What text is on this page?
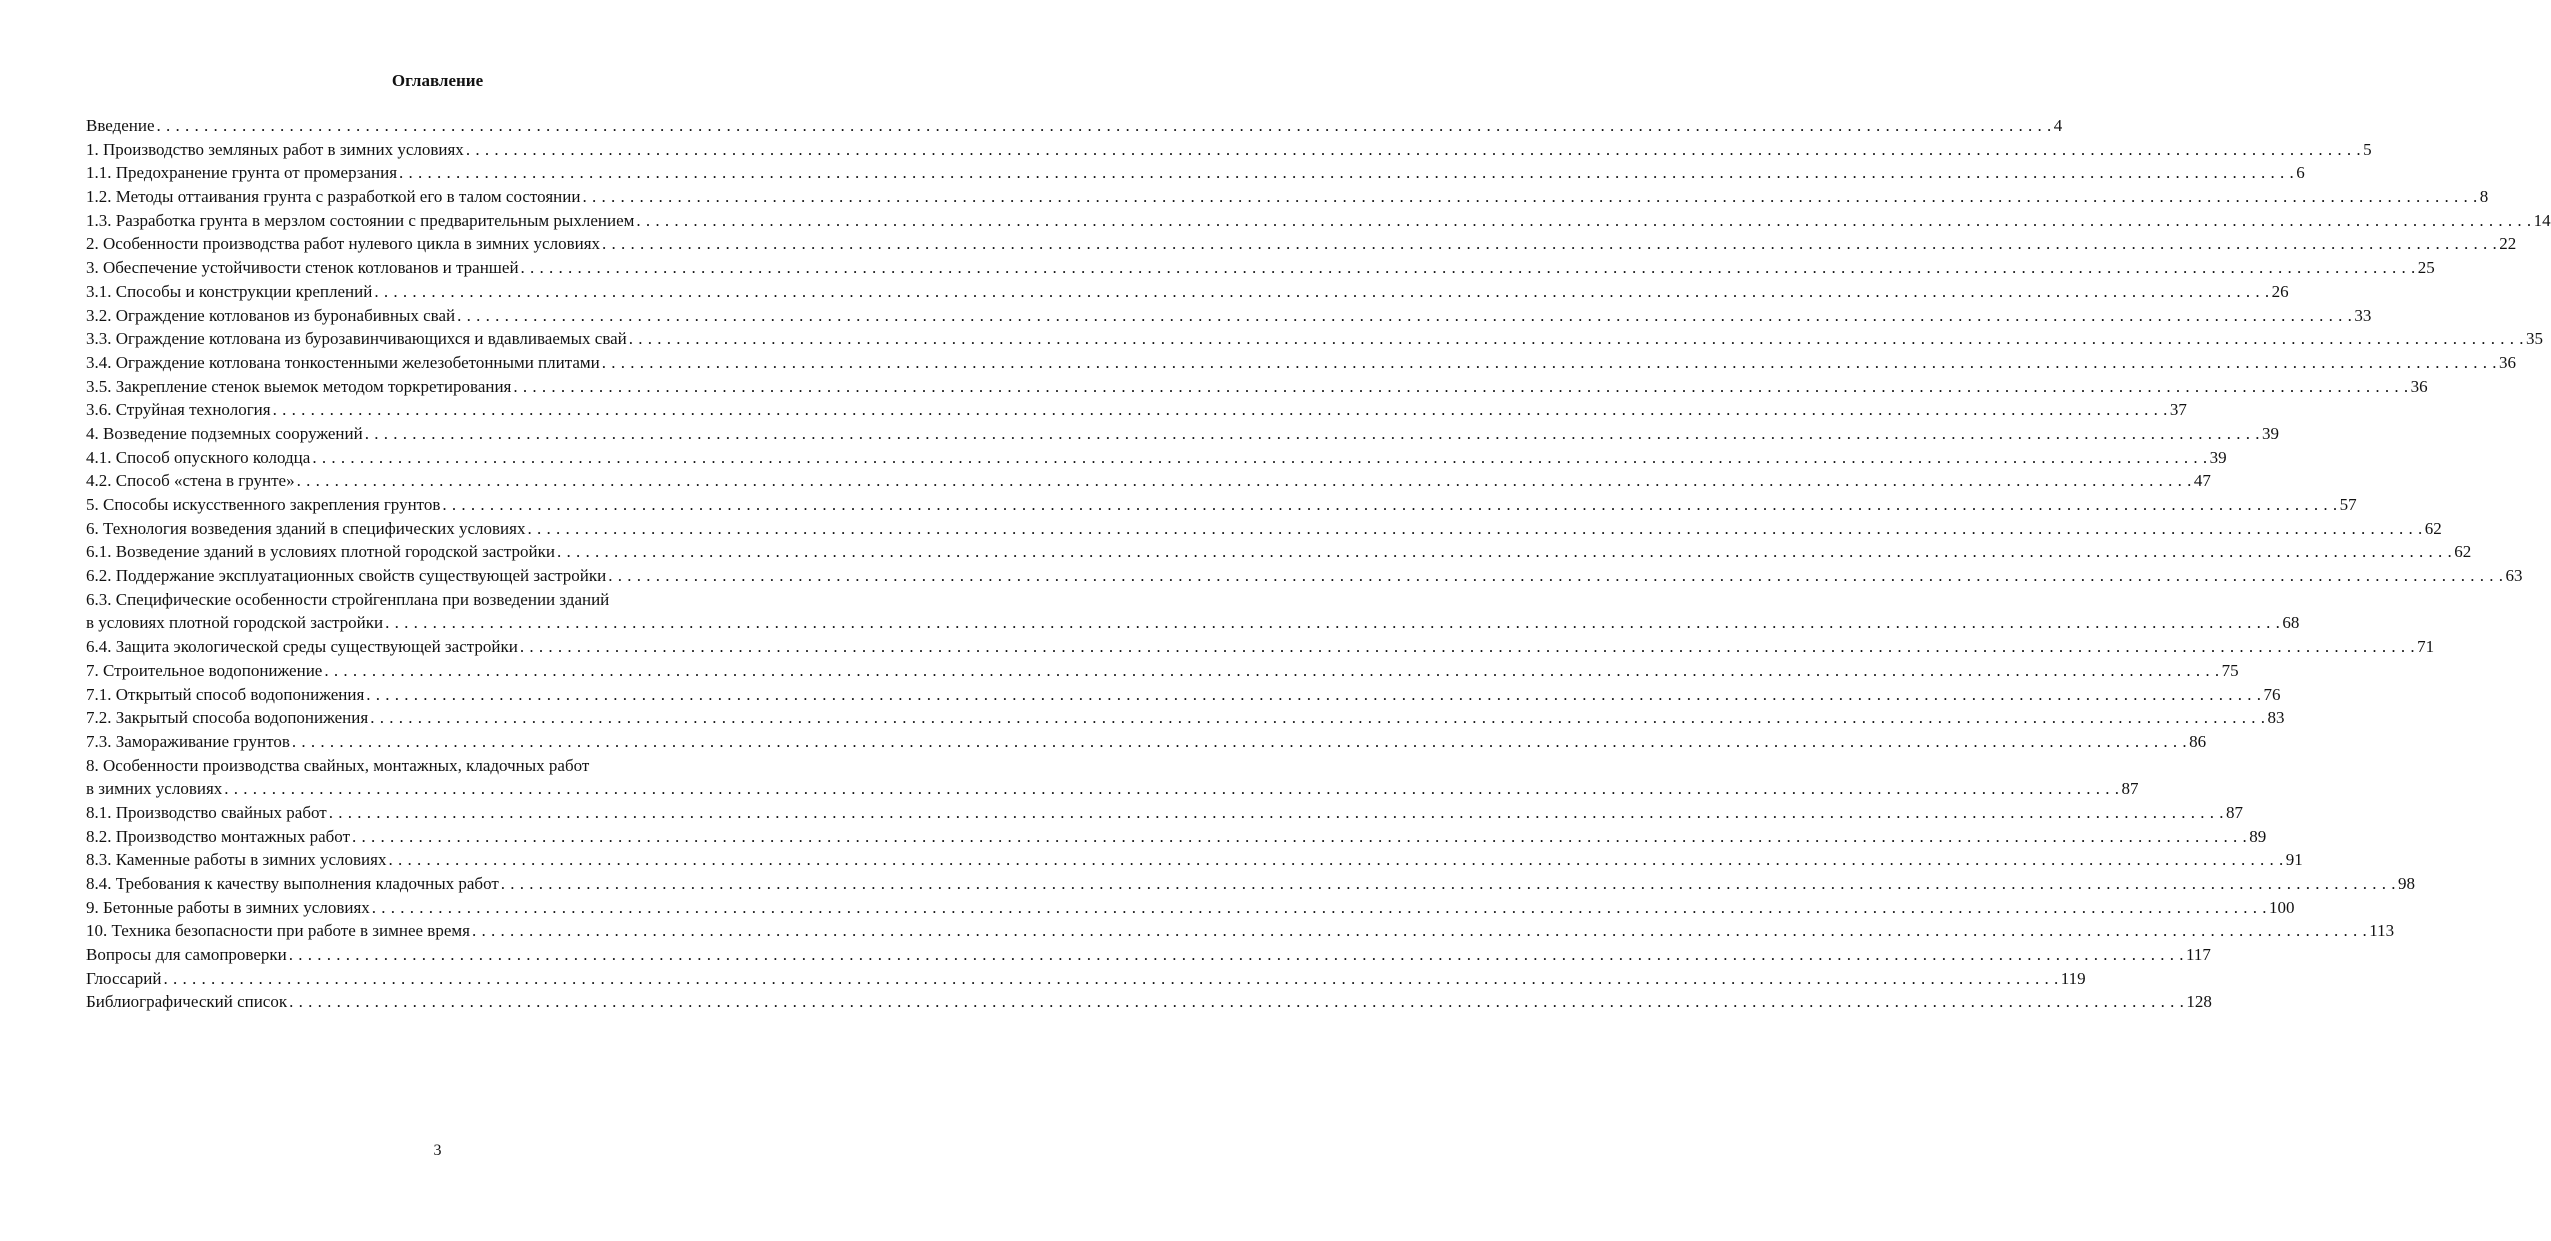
Оглавление
Введение . . . . . . . . . . . . . . . . . . . . . . . . . . . . . . . . . . . . . . . . . . . . . . . . . . . . . . . . . . . . . . . . . . . . . . . . . . . . . . . . . . . . . . . . . . . . . . . . . . . . . . . . . . . . . . . . . . . . . . . . . . . . . . . . . . . . . . . . . . . . . . . . . . . . . . . . . . . . . . . . . . . . . . . . . . . . . . . . . . . . . . . . . . . . . . . . . . . . . . . . 4
1. Производство земляных работ в зимних условиях . . . . . . . . . . . . . . . . . . . . . . . . . . . . . . . . . . . . . . . . . . . . . . . . . . . . . . . . . . . . . . . . . . . . . . . . . . . . . . . . . . . . . . . . . . . . . . . . . . . . . . . . . . . . . . . . . . . . . . . . . . . . . . . . . . . . . . . . . . . . . . . . . . . . . . . . . . . . . . . . . . . . . . . . . . . . . . . . . . . . . . . . . . . . . . . . . . . . . . . . 5
1.1. Предохранение грунта от промерзания . . . . . . . . . . . . . . . . . . . . . . . . . . . . . . . . . . . . . . . . . . . . . . . . . . . . . . . . . . . . . . . . . . . . . . . . . . . . . . . . . . . . . . . . . . . . . . . . . . . . . . . . . . . . . . . . . . . . . . . . . . . . . . . . . . . . . . . . . . . . . . . . . . . . . . . . . . . . . . . . . . . . . . . . . . . . . . . . . . . . . . . . . . . . . . . . . . . . . . . . 6
1.2. Методы оттаивания грунта с разработкой его в талом состоянии . . . . . . . . . . . . . . . . . . . . . . . . . . . . . . . . . . . . . . . . . . . . . . . . . . . . . . . . . . . . . . . . . . . . . . . . . . . . . . . . . . . . . . . . . . . . . . . . . . . . . . . . . . . . . . . . . . . . . . . . . . . . . . . . . . . . . . . . . . . . . . . . . . . . . . . . . . . . . . . . . . . . . . . . . . . . . . . . . . . . . . . . . . . . . . . . . . . . . . . . 8
1.3. Разработка грунта в мерзлом состоянии с предварительным рыхлением . . . . . . . . . . . . . . . . . . . . . . . . . . . . . . . . . . . . . . . . . . . . . . . . . . . . . . . . . . . . . . . . . . . . . . . . . . . . . . . . . . . . . . . . . . . . . . . . . . . . . . . . . . . . . . . . . . . . . . . . . . . . . . . . . . . . . . . . . . . . . . . . . . . . . . . . . . . . . . . . . . . . . . . . . . . . . . . . . . . . . . . . . . . . . . . . . . . . . . . . 14
2. Особенности производства работ нулевого цикла в зимних условиях . . . . . . . . . . . . . . . . . . . . . . . . . . . . . . . . . . . . . . . . . . . . . . . . . . . . . . . . . . . . . . . . . . . . . . . . . . . . . . . . . . . . . . . . . . . . . . . . . . . . . . . . . . . . . . . . . . . . . . . . . . . . . . . . . . . . . . . . . . . . . . . . . . . . . . . . . . . . . . . . . . . . . . . . . . . . . . . . . . . . . . . . . . . . . . . . . . . . . . . . 22
3. Обеспечение устойчивости стенок котлованов и траншей . . . . . . . . . . . . . . . . . . . . . . . . . . . . . . . . . . . . . . . . . . . . . . . . . . . . . . . . . . . . . . . . . . . . . . . . . . . . . . . . . . . . . . . . . . . . . . . . . . . . . . . . . . . . . . . . . . . . . . . . . . . . . . . . . . . . . . . . . . . . . . . . . . . . . . . . . . . . . . . . . . . . . . . . . . . . . . . . . . . . . . . . . . . . . . . . . . . . . . . . 25
3.1. Способы и конструкции креплений . . . . . . . . . . . . . . . . . . . . . . . . . . . . . . . . . . . . . . . . . . . . . . . . . . . . . . . . . . . . . . . . . . . . . . . . . . . . . . . . . . . . . . . . . . . . . . . . . . . . . . . . . . . . . . . . . . . . . . . . . . . . . . . . . . . . . . . . . . . . . . . . . . . . . . . . . . . . . . . . . . . . . . . . . . . . . . . . . . . . . . . . . . . . . . . . . . . . . . . . 26
3.2. Ограждение котлованов из буронабивных свай . . . . . . . . . . . . . . . . . . . . . . . . . . . . . . . . . . . . . . . . . . . . . . . . . . . . . . . . . . . . . . . . . . . . . . . . . . . . . . . . . . . . . . . . . . . . . . . . . . . . . . . . . . . . . . . . . . . . . . . . . . . . . . . . . . . . . . . . . . . . . . . . . . . . . . . . . . . . . . . . . . . . . . . . . . . . . . . . . . . . . . . . . . . . . . . . . . . . . . . . 33
3.3. Ограждение котлована из бурозавинчивающихся и вдавливаемых свай . . . . . . . . . . . . . . . . . . . . . . . . . . . . . . . . . . . . . . . . . . . . . . . . . . . . . . . . . . . . . . . . . . . . . . . . . . . . . . . . . . . . . . . . . . . . . . . . . . . . . . . . . . . . . . . . . . . . . . . . . . . . . . . . . . . . . . . . . . . . . . . . . . . . . . . . . . . . . . . . . . . . . . . . . . . . . . . . . . . . . . . . . . . . . . . . . . . . . . . . 35
3.4. Ограждение котлована тонкостенными железобетонными плитами . . . . . . . . . . . . . . . . . . . . . . . . . . . . . . . . . . . . . . . . . . . . . . . . . . . . . . . . . . . . . . . . . . . . . . . . . . . . . . . . . . . . . . . . . . . . . . . . . . . . . . . . . . . . . . . . . . . . . . . . . . . . . . . . . . . . . . . . . . . . . . . . . . . . . . . . . . . . . . . . . . . . . . . . . . . . . . . . . . . . . . . . . . . . . . . . . . . . . . . . 36
3.5. Закрепление стенок выемок методом торкретирования . . . . . . . . . . . . . . . . . . . . . . . . . . . . . . . . . . . . . . . . . . . . . . . . . . . . . . . . . . . . . . . . . . . . . . . . . . . . . . . . . . . . . . . . . . . . . . . . . . . . . . . . . . . . . . . . . . . . . . . . . . . . . . . . . . . . . . . . . . . . . . . . . . . . . . . . . . . . . . . . . . . . . . . . . . . . . . . . . . . . . . . . . . . . . . . . . . . . . . . . 36
3.6. Струйная технология . . . . . . . . . . . . . . . . . . . . . . . . . . . . . . . . . . . . . . . . . . . . . . . . . . . . . . . . . . . . . . . . . . . . . . . . . . . . . . . . . . . . . . . . . . . . . . . . . . . . . . . . . . . . . . . . . . . . . . . . . . . . . . . . . . . . . . . . . . . . . . . . . . . . . . . . . . . . . . . . . . . . . . . . . . . . . . . . . . . . . . . . . . . . . . . . . . . . . . . . 37
4. Возведение подземных сооружений . . . . . . . . . . . . . . . . . . . . . . . . . . . . . . . . . . . . . . . . . . . . . . . . . . . . . . . . . . . . . . . . . . . . . . . . . . . . . . . . . . . . . . . . . . . . . . . . . . . . . . . . . . . . . . . . . . . . . . . . . . . . . . . . . . . . . . . . . . . . . . . . . . . . . . . . . . . . . . . . . . . . . . . . . . . . . . . . . . . . . . . . . . . . . . . . . . . . . . . . 39
4.1. Способ опускного колодца . . . . . . . . . . . . . . . . . . . . . . . . . . . . . . . . . . . . . . . . . . . . . . . . . . . . . . . . . . . . . . . . . . . . . . . . . . . . . . . . . . . . . . . . . . . . . . . . . . . . . . . . . . . . . . . . . . . . . . . . . . . . . . . . . . . . . . . . . . . . . . . . . . . . . . . . . . . . . . . . . . . . . . . . . . . . . . . . . . . . . . . . . . . . . . . . . . . . . . . . 39
4.2. Способ «стена в грунте» . . . . . . . . . . . . . . . . . . . . . . . . . . . . . . . . . . . . . . . . . . . . . . . . . . . . . . . . . . . . . . . . . . . . . . . . . . . . . . . . . . . . . . . . . . . . . . . . . . . . . . . . . . . . . . . . . . . . . . . . . . . . . . . . . . . . . . . . . . . . . . . . . . . . . . . . . . . . . . . . . . . . . . . . . . . . . . . . . . . . . . . . . . . . . . . . . . . . . . . . 47
5. Способы искусственного закрепления грунтов . . . . . . . . . . . . . . . . . . . . . . . . . . . . . . . . . . . . . . . . . . . . . . . . . . . . . . . . . . . . . . . . . . . . . . . . . . . . . . . . . . . . . . . . . . . . . . . . . . . . . . . . . . . . . . . . . . . . . . . . . . . . . . . . . . . . . . . . . . . . . . . . . . . . . . . . . . . . . . . . . . . . . . . . . . . . . . . . . . . . . . . . . . . . . . . . . . . . . . . . 57
6. Технология возведения зданий в специфических условиях . . . . . . . . . . . . . . . . . . . . . . . . . . . . . . . . . . . . . . . . . . . . . . . . . . . . . . . . . . . . . . . . . . . . . . . . . . . . . . . . . . . . . . . . . . . . . . . . . . . . . . . . . . . . . . . . . . . . . . . . . . . . . . . . . . . . . . . . . . . . . . . . . . . . . . . . . . . . . . . . . . . . . . . . . . . . . . . . . . . . . . . . . . . . . . . . . . . . . . . . 62
6.1. Возведение зданий в условиях плотной городской застройки . . . . . . . . . . . . . . . . . . . . . . . . . . . . . . . . . . . . . . . . . . . . . . . . . . . . . . . . . . . . . . . . . . . . . . . . . . . . . . . . . . . . . . . . . . . . . . . . . . . . . . . . . . . . . . . . . . . . . . . . . . . . . . . . . . . . . . . . . . . . . . . . . . . . . . . . . . . . . . . . . . . . . . . . . . . . . . . . . . . . . . . . . . . . . . . . . . . . . . . . 62
6.2. Поддержание эксплуатационных свойств существующей застройки . . . . . . . . . . . . . . . . . . . . . . . . . . . . . . . . . . . . . . . . . . . . . . . . . . . . . . . . . . . . . . . . . . . . . . . . . . . . . . . . . . . . . . . . . . . . . . . . . . . . . . . . . . . . . . . . . . . . . . . . . . . . . . . . . . . . . . . . . . . . . . . . . . . . . . . . . . . . . . . . . . . . . . . . . . . . . . . . . . . . . . . . . . . . . . . . . . . . . . . . 63
6.3. Специфические особенности стройгенплана при возведении зданий
в условиях плотной городской застройки . . . . . . . . . . . . . . . . . . . . . . . . . . . . . . . . . . . . . . . . . . . . . . . . . . . . . . . . . . . . . . . . . . . . . . . . . . . . . . . . . . . . . . . . . . . . . . . . . . . . . . . . . . . . . . . . . . . . . . . . . . . . . . . . . . . . . . . . . . . . . . . . . . . . . . . . . . . . . . . . . . . . . . . . . . . . . . . . . . . . . . . . . . . . . . . . . . . . . . . . 68
6.4. Защита экологической среды существующей застройки . . . . . . . . . . . . . . . . . . . . . . . . . . . . . . . . . . . . . . . . . . . . . . . . . . . . . . . . . . . . . . . . . . . . . . . . . . . . . . . . . . . . . . . . . . . . . . . . . . . . . . . . . . . . . . . . . . . . . . . . . . . . . . . . . . . . . . . . . . . . . . . . . . . . . . . . . . . . . . . . . . . . . . . . . . . . . . . . . . . . . . . . . . . . . . . . . . . . . . . . 71
7. Строительное водопонижение . . . . . . . . . . . . . . . . . . . . . . . . . . . . . . . . . . . . . . . . . . . . . . . . . . . . . . . . . . . . . . . . . . . . . . . . . . . . . . . . . . . . . . . . . . . . . . . . . . . . . . . . . . . . . . . . . . . . . . . . . . . . . . . . . . . . . . . . . . . . . . . . . . . . . . . . . . . . . . . . . . . . . . . . . . . . . . . . . . . . . . . . . . . . . . . . . . . . . . . . 75
7.1. Открытый способ водопонижения . . . . . . . . . . . . . . . . . . . . . . . . . . . . . . . . . . . . . . . . . . . . . . . . . . . . . . . . . . . . . . . . . . . . . . . . . . . . . . . . . . . . . . . . . . . . . . . . . . . . . . . . . . . . . . . . . . . . . . . . . . . . . . . . . . . . . . . . . . . . . . . . . . . . . . . . . . . . . . . . . . . . . . . . . . . . . . . . . . . . . . . . . . . . . . . . . . . . . . . . 76
7.2. Закрытый способа водопонижения . . . . . . . . . . . . . . . . . . . . . . . . . . . . . . . . . . . . . . . . . . . . . . . . . . . . . . . . . . . . . . . . . . . . . . . . . . . . . . . . . . . . . . . . . . . . . . . . . . . . . . . . . . . . . . . . . . . . . . . . . . . . . . . . . . . . . . . . . . . . . . . . . . . . . . . . . . . . . . . . . . . . . . . . . . . . . . . . . . . . . . . . . . . . . . . . . . . . . . . . 83
7.3. Замораживание грунтов . . . . . . . . . . . . . . . . . . . . . . . . . . . . . . . . . . . . . . . . . . . . . . . . . . . . . . . . . . . . . . . . . . . . . . . . . . . . . . . . . . . . . . . . . . . . . . . . . . . . . . . . . . . . . . . . . . . . . . . . . . . . . . . . . . . . . . . . . . . . . . . . . . . . . . . . . . . . . . . . . . . . . . . . . . . . . . . . . . . . . . . . . . . . . . . . . . . . . . . . 86
8. Особенности производства свайных, монтажных, кладочных работ
в зимних условиях . . . . . . . . . . . . . . . . . . . . . . . . . . . . . . . . . . . . . . . . . . . . . . . . . . . . . . . . . . . . . . . . . . . . . . . . . . . . . . . . . . . . . . . . . . . . . . . . . . . . . . . . . . . . . . . . . . . . . . . . . . . . . . . . . . . . . . . . . . . . . . . . . . . . . . . . . . . . . . . . . . . . . . . . . . . . . . . . . . . . . . . . . . . . . . . . . . . . . . . . 87
8.1. Производство свайных работ . . . . . . . . . . . . . . . . . . . . . . . . . . . . . . . . . . . . . . . . . . . . . . . . . . . . . . . . . . . . . . . . . . . . . . . . . . . . . . . . . . . . . . . . . . . . . . . . . . . . . . . . . . . . . . . . . . . . . . . . . . . . . . . . . . . . . . . . . . . . . . . . . . . . . . . . . . . . . . . . . . . . . . . . . . . . . . . . . . . . . . . . . . . . . . . . . . . . . . . . 87
8.2. Производство монтажных работ . . . . . . . . . . . . . . . . . . . . . . . . . . . . . . . . . . . . . . . . . . . . . . . . . . . . . . . . . . . . . . . . . . . . . . . . . . . . . . . . . . . . . . . . . . . . . . . . . . . . . . . . . . . . . . . . . . . . . . . . . . . . . . . . . . . . . . . . . . . . . . . . . . . . . . . . . . . . . . . . . . . . . . . . . . . . . . . . . . . . . . . . . . . . . . . . . . . . . . . . 89
8.3. Каменные работы в зимних условиях . . . . . . . . . . . . . . . . . . . . . . . . . . . . . . . . . . . . . . . . . . . . . . . . . . . . . . . . . . . . . . . . . . . . . . . . . . . . . . . . . . . . . . . . . . . . . . . . . . . . . . . . . . . . . . . . . . . . . . . . . . . . . . . . . . . . . . . . . . . . . . . . . . . . . . . . . . . . . . . . . . . . . . . . . . . . . . . . . . . . . . . . . . . . . . . . . . . . . . . . 91
8.4. Требования к качеству выполнения кладочных работ . . . . . . . . . . . . . . . . . . . . . . . . . . . . . . . . . . . . . . . . . . . . . . . . . . . . . . . . . . . . . . . . . . . . . . . . . . . . . . . . . . . . . . . . . . . . . . . . . . . . . . . . . . . . . . . . . . . . . . . . . . . . . . . . . . . . . . . . . . . . . . . . . . . . . . . . . . . . . . . . . . . . . . . . . . . . . . . . . . . . . . . . . . . . . . . . . . . . . . . . 98
9. Бетонные работы в зимних условиях . . . . . . . . . . . . . . . . . . . . . . . . . . . . . . . . . . . . . . . . . . . . . . . . . . . . . . . . . . . . . . . . . . . . . . . . . . . . . . . . . . . . . . . . . . . . . . . . . . . . . . . . . . . . . . . . . . . . . . . . . . . . . . . . . . . . . . . . . . . . . . . . . . . . . . . . . . . . . . . . . . . . . . . . . . . . . . . . . . . . . . . . . . . . . . . . . . . . . . . . 100
10. Техника безопасности при работе в зимнее время . . . . . . . . . . . . . . . . . . . . . . . . . . . . . . . . . . . . . . . . . . . . . . . . . . . . . . . . . . . . . . . . . . . . . . . . . . . . . . . . . . . . . . . . . . . . . . . . . . . . . . . . . . . . . . . . . . . . . . . . . . . . . . . . . . . . . . . . . . . . . . . . . . . . . . . . . . . . . . . . . . . . . . . . . . . . . . . . . . . . . . . . . . . . . . . . . . . . . . . . 113
Вопросы для самопроверки . . . . . . . . . . . . . . . . . . . . . . . . . . . . . . . . . . . . . . . . . . . . . . . . . . . . . . . . . . . . . . . . . . . . . . . . . . . . . . . . . . . . . . . . . . . . . . . . . . . . . . . . . . . . . . . . . . . . . . . . . . . . . . . . . . . . . . . . . . . . . . . . . . . . . . . . . . . . . . . . . . . . . . . . . . . . . . . . . . . . . . . . . . . . . . . . . . . . . . . . 117
Глоссарий . . . . . . . . . . . . . . . . . . . . . . . . . . . . . . . . . . . . . . . . . . . . . . . . . . . . . . . . . . . . . . . . . . . . . . . . . . . . . . . . . . . . . . . . . . . . . . . . . . . . . . . . . . . . . . . . . . . . . . . . . . . . . . . . . . . . . . . . . . . . . . . . . . . . . . . . . . . . . . . . . . . . . . . . . . . . . . . . . . . . . . . . . . . . . . . . . . . . . . . . 119
Библиографический список . . . . . . . . . . . . . . . . . . . . . . . . . . . . . . . . . . . . . . . . . . . . . . . . . . . . . . . . . . . . . . . . . . . . . . . . . . . . . . . . . . . . . . . . . . . . . . . . . . . . . . . . . . . . . . . . . . . . . . . . . . . . . . . . . . . . . . . . . . . . . . . . . . . . . . . . . . . . . . . . . . . . . . . . . . . . . . . . . . . . . . . . . . . . . . . . . . . . . . . . 128
3
